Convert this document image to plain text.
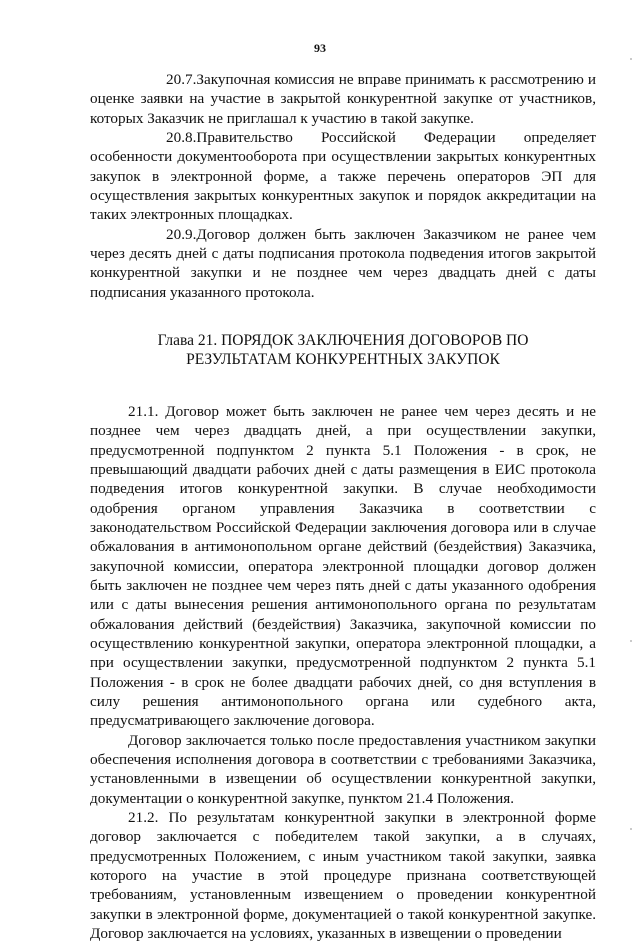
93

20.7.Закупочная комиссия не вправе принимать к рассмотрению и оценке заявки на участие в закрытой конкурентной закупке от участников, которых Заказчик не приглашал к участию в такой закупке.

20.8.Правительство Российской Федерации определяет особенности документооборота при осуществлении закрытых конкурентных закупок в электронной форме, а также перечень операторов ЭП для осуществления закрытых конкурентных закупок и порядок аккредитации на таких электронных площадках.

20.9.Договор должен быть заключен Заказчиком не ранее чем через десять дней с даты подписания протокола подведения итогов закрытой конкурентной закупки и не позднее чем через двадцать дней с даты подписания указанного протокола.

Глава 21. ПОРЯДОК ЗАКЛЮЧЕНИЯ ДОГОВОРОВ ПО
РЕЗУЛЬТАТАМ КОНКУРЕНТНЫХ ЗАКУПОК

21.1. Договор может быть заключен не ранее чем через десять и не позднее чем через двадцать дней, а при осуществлении закупки, предусмотренной подпунктом 2 пункта 5.1 Положения - в срок, не превышающий двадцати рабочих дней с даты размещения в ЕИС протокола подведения итогов конкурентной закупки. В случае необходимости одобрения органом управления Заказчика в соответствии с законодательством Российской Федерации заключения договора или в случае обжалования в антимонопольном органе действий (бездействия) Заказчика, закупочной комиссии, оператора электронной площадки договор должен быть заключен не позднее чем через пять дней с даты указанного одобрения или с даты вынесения решения антимонопольного органа по результатам обжалования действий (бездействия) Заказчика, закупочной комиссии по осуществлению конкурентной закупки, оператора электронной площадки, а при осуществлении закупки, предусмотренной подпунктом 2 пункта 5.1 Положения - в срок не более двадцати рабочих дней, со дня вступления в силу решения антимонопольного органа или судебного акта, предусматривающего заключение договора.

Договор заключается только после предоставления участником закупки обеспечения исполнения договора в соответствии с требованиями Заказчика, установленными в извещении об осуществлении конкурентной закупки, документации о конкурентной закупке, пунктом 21.4 Положения.

21.2. По результатам конкурентной закупки в электронной форме договор заключается с победителем такой закупки, а в случаях, предусмотренных Положением, с иным участником такой закупки, заявка которого на участие в этой процедуре признана соответствующей требованиям, установленным извещением о проведении конкурентной закупки в электронной форме, документацией о такой конкурентной закупке. Договор заключается на условиях, указанных в извещении о проведении
